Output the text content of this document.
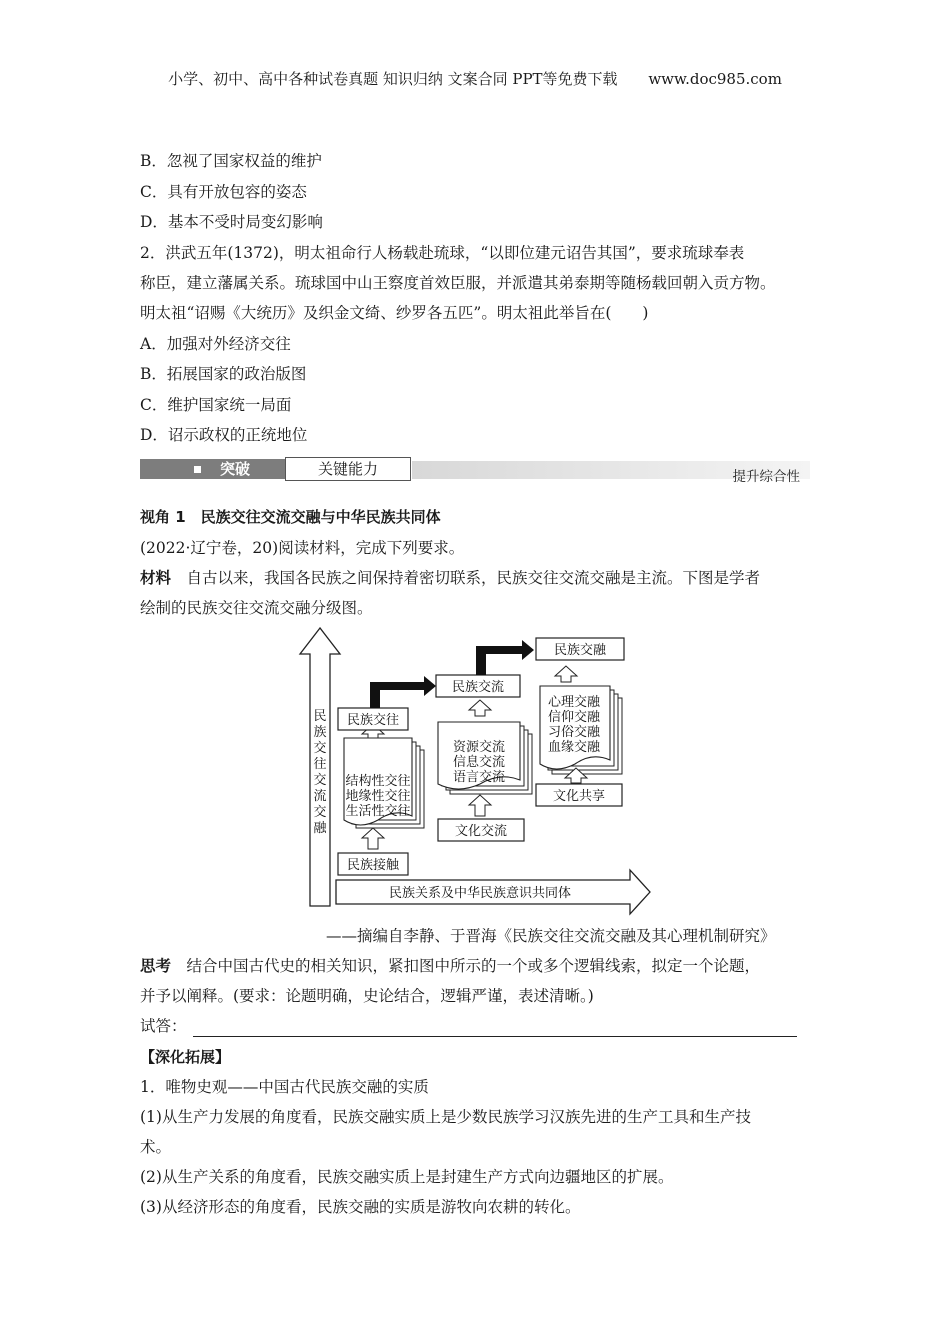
小学、初中、高中各种试卷真题 知识归纳 文案合同 PPT等免费下载 www.doc985.com
B．忽视了国家权益的维护
C．具有开放包容的姿态
D．基本不受时局变幻影响
2．洪武五年(1372)，明太祖命行人杨载赴琉球，“以即位建元诏告其国”，要求琉球奉表
称臣，建立藩属关系。琉球国中山王察度首效臣服，并派遣其弟泰期等随杨载回朝入贡方物。
明太祖“诏赐《大统历》及织金文绮、纱罗各五匹”。明太祖此举旨在(　　)
A．加强对外经济交往
B．拓展国家的政治版图
C．维护国家统一局面
D．诏示政权的正统地位
突破	关键能力	提升综合性
视角 1　民族交往交流交融与中华民族共同体
(2022·辽宁卷，20)阅读材料，完成下列要求。
材料　自古以来，我国各民族之间保持着密切联系，民族交往交流交融是主流。下图是学者
绘制的民族交往交流交融分级图。
民
族
交
往
交
流
交
融
民族关系及中华民族意识共同体
民族接触
结构性交往
地缘性交往
生活性交往
民族交往
民族交流
资源交流
信息交流
语言交流
文化交流
民族交融
心理交融
信仰交融
习俗交融
血缘交融
文化共享
——摘编自李静、于晋海《民族交往交流交融及其心理机制研究》
思考　结合中国古代史的相关知识，紧扣图中所示的一个或多个逻辑线索，拟定一个论题，
并予以阐释。(要求：论题明确，史论结合，逻辑严谨，表述清晰。)
试答：
【深化拓展】
1．唯物史观——中国古代民族交融的实质
(1)从生产力发展的角度看，民族交融实质上是少数民族学习汉族先进的生产工具和生产技
术。
(2)从生产关系的角度看，民族交融实质上是封建生产方式向边疆地区的扩展。
(3)从经济形态的角度看，民族交融的实质是游牧向农耕的转化。
